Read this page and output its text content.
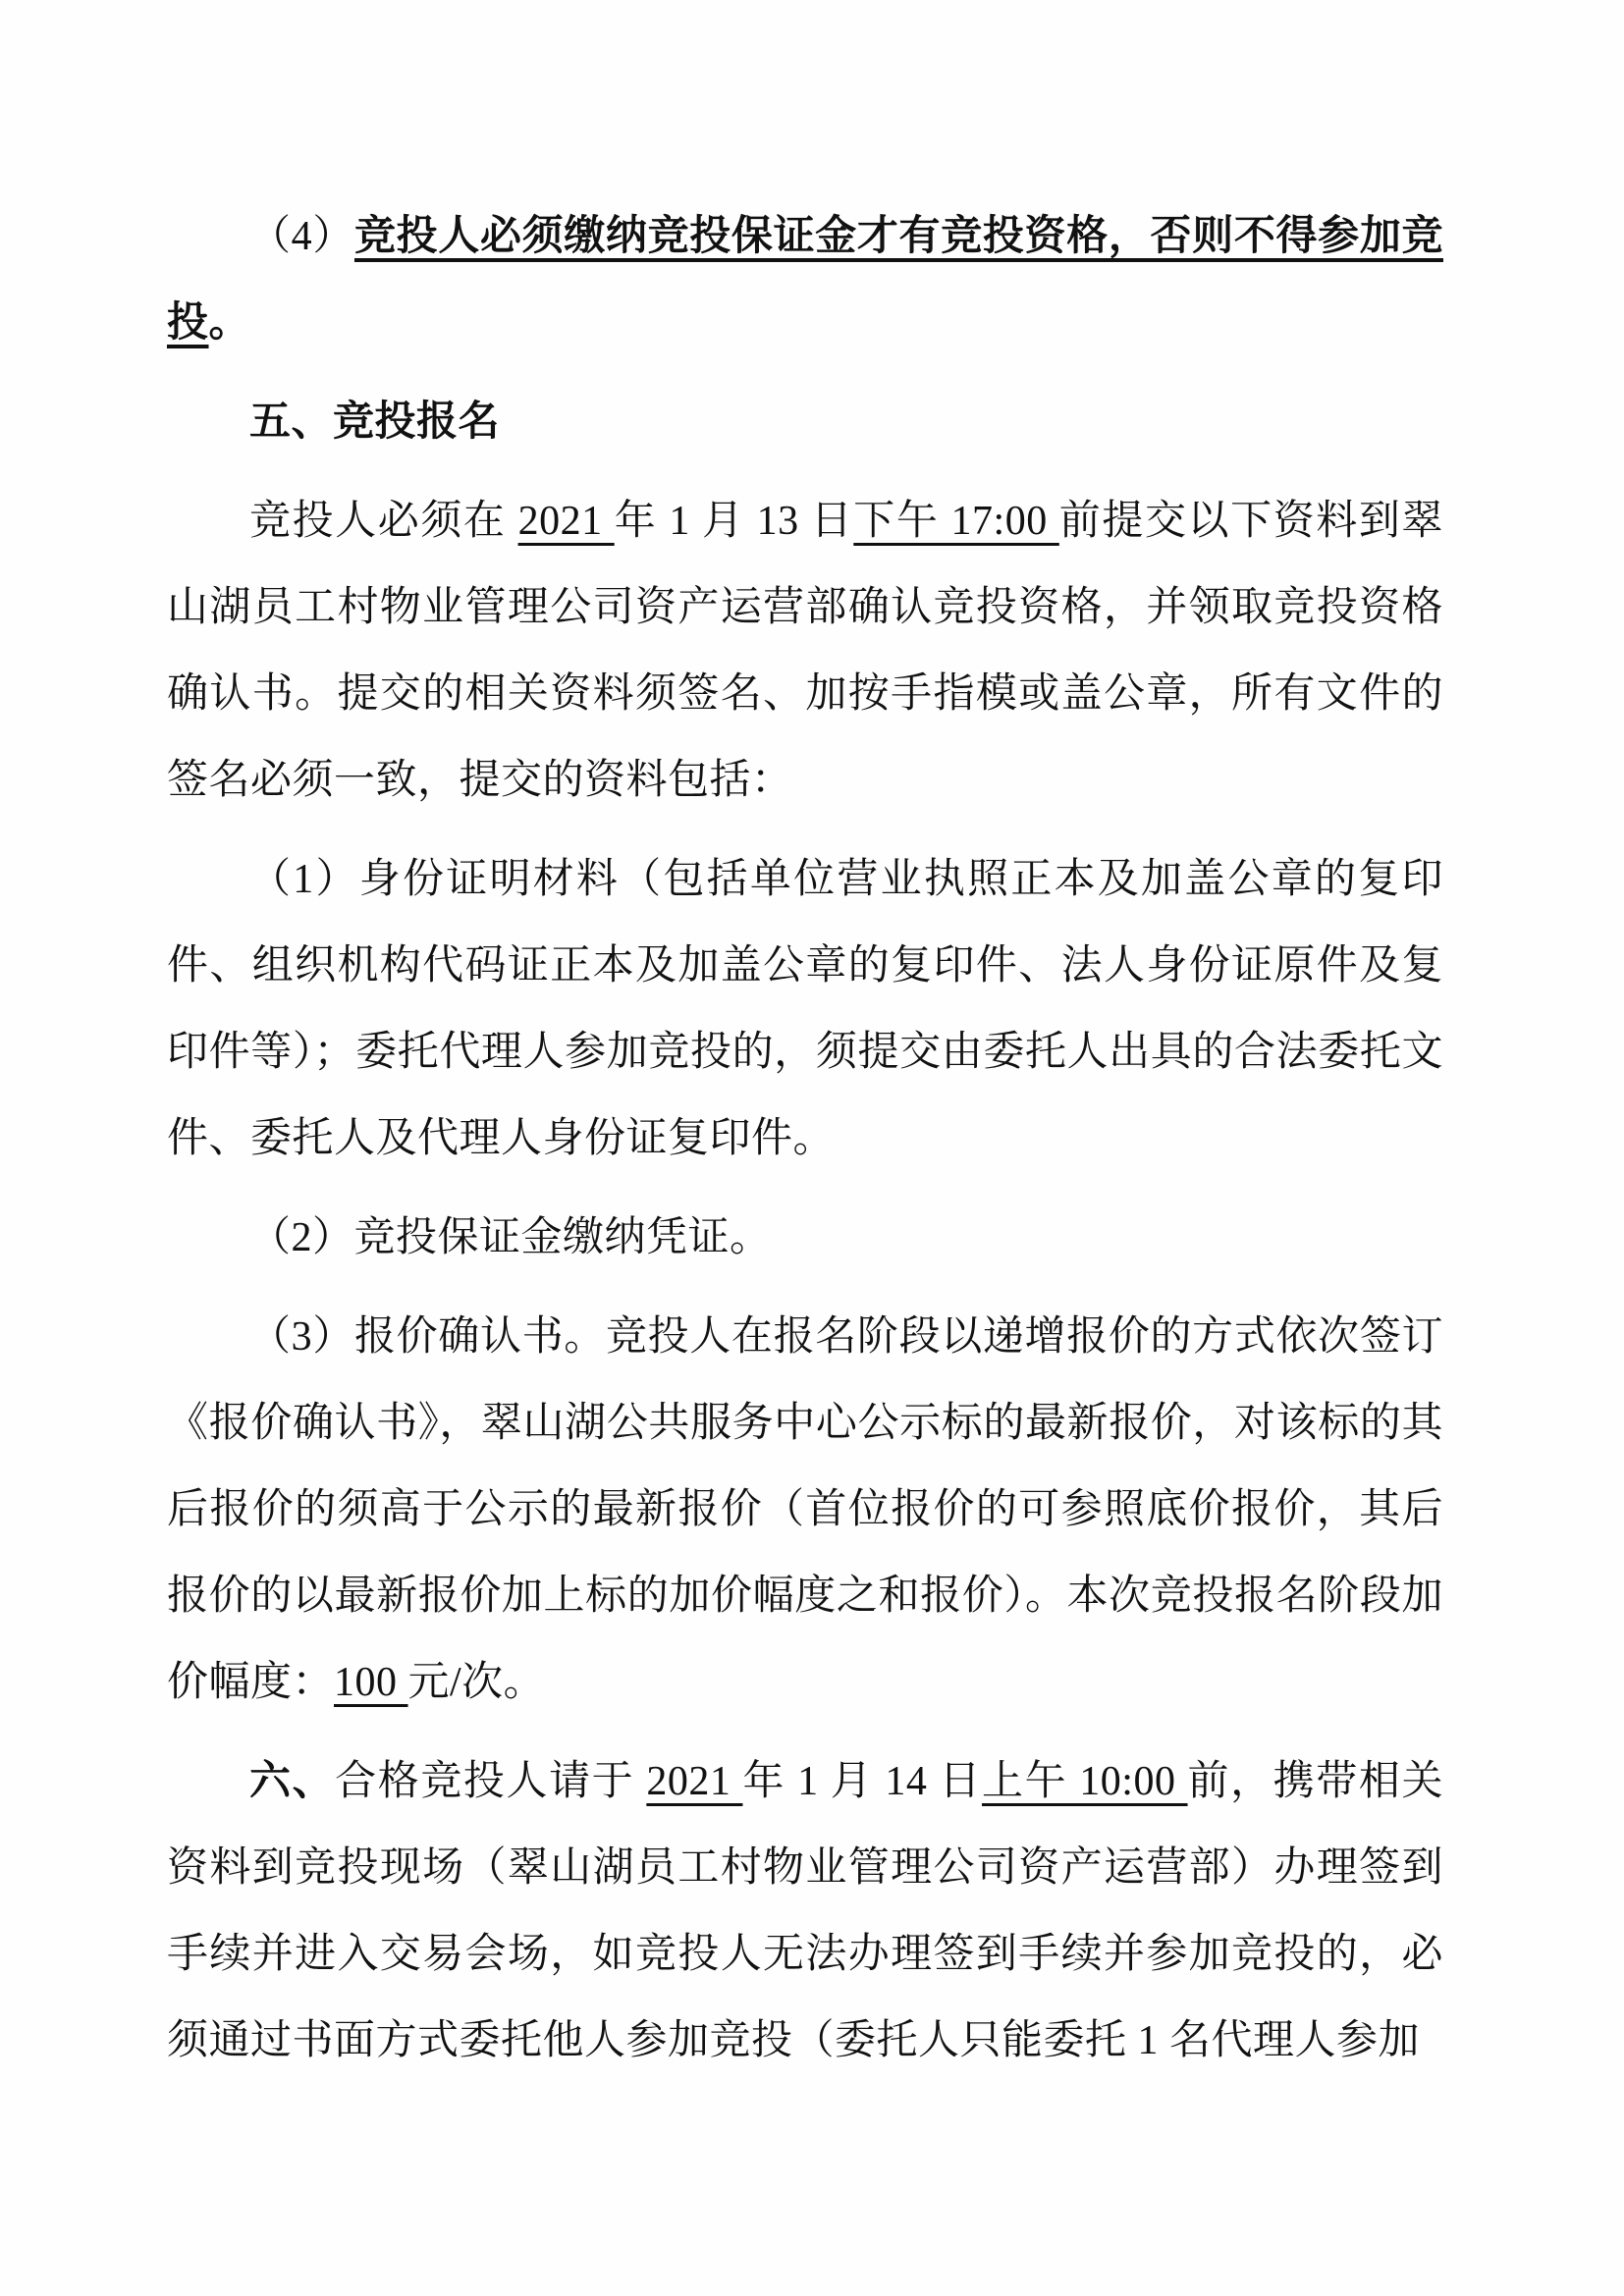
（4）竞投人必须缴纳竞投保证金才有竞投资格，否则不得参加竞投。

五、竞投报名

竞投人必须在 2021 年 1 月 13 日下午 17:00 前提交以下资料到翠山湖员工村物业管理公司资产运营部确认竞投资格，并领取竞投资格确认书。提交的相关资料须签名、加按手指模或盖公章，所有文件的签名必须一致，提交的资料包括：

（1）身份证明材料（包括单位营业执照正本及加盖公章的复印件、组织机构代码证正本及加盖公章的复印件、法人身份证原件及复印件等）；委托代理人参加竞投的，须提交由委托人出具的合法委托文件、委托人及代理人身份证复印件。

（2）竞投保证金缴纳凭证。

（3）报价确认书。竞投人在报名阶段以递增报价的方式依次签订《报价确认书》，翠山湖公共服务中心公示标的最新报价，对该标的其后报价的须高于公示的最新报价（首位报价的可参照底价报价，其后报价的以最新报价加上标的加价幅度之和报价）。本次竞投报名阶段加价幅度：100 元/次。

六、合格竞投人请于 2021 年 1 月 14 日上午 10:00 前，携带相关资料到竞投现场（翠山湖员工村物业管理公司资产运营部）办理签到手续并进入交易会场，如竞投人无法办理签到手续并参加竞投的，必须通过书面方式委托他人参加竞投（委托人只能委托 1 名代理人参加
